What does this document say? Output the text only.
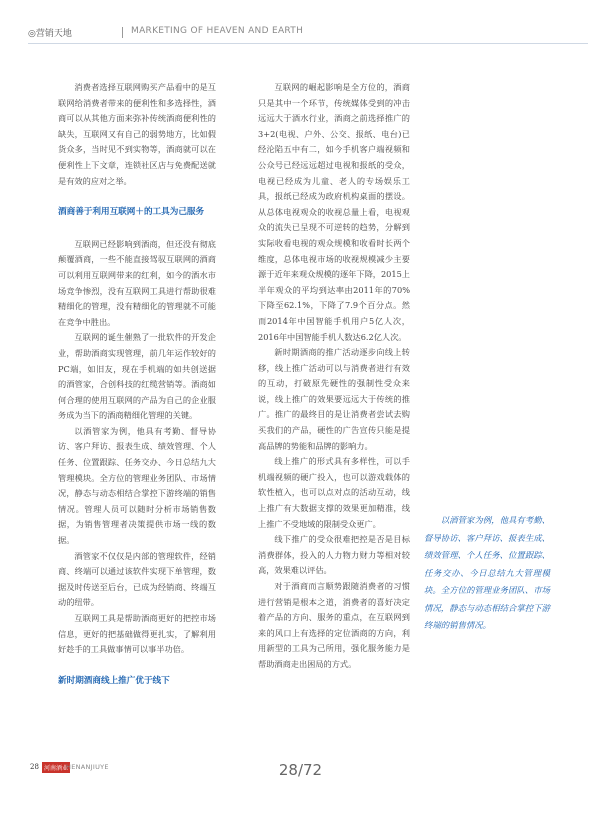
◎营销天地	MARKETING OF HEAVEN AND EARTH

消费者选择互联网购买产品看中的是互联网给消费者带来的便利性和多选择性，酒商可以从其他方面来弥补传统酒商便利性的缺失，互联网又有自己的弱势地方，比如假货众多，当时见不到实物等，酒商就可以在便利性上下文章，连锁社区店与免费配送就是有效的应对之举。

酒商善于利用互联网＋的工具为己服务

互联网已经影响到酒商，但还没有彻底颠覆酒商，一些不能直接驾驭互联网的酒商可以利用互联网带来的红利，如今的酒水市场竞争惨烈，没有互联网工具进行帮助很难精细化的管理，没有精细化的管理就不可能在竞争中胜出。

互联网的诞生催熟了一批软件的开发企业，帮助酒商实现管理，前几年运作较好的PC端，如旧友，现在手机端的如共创送据的酒管家，合创科技的红缆营销等。酒商如何合理的使用互联网的产品为自己的企业服务成为当下的酒商精细化管理的关键。

以酒管家为例，他具有考勤、督导协访、客户拜访、报表生成、绩效管理、个人任务、位置跟踪、任务交办、今日总结九大管理模块。全方位的管理业务团队、市场情况，静态与动态相结合掌控下游终端的销售情况。管理人员可以随时分析市场销售数据，为销售管理者决策提供市场一线的数据。

酒管家不仅仅是内部的管理软件，经销商、终端可以通过该软件实现下单管理，数据及时传送至后台，已成为经销商、终端互动的纽带。

互联网工具是帮助酒商更好的把控市场信息，更好的把基础做得更扎实，了解利用好趁手的工具做事情可以事半功倍。

新时期酒商线上推广优于线下

互联网的崛起影响是全方位的，酒商只是其中一个环节，传统媒体受到的冲击远远大于酒水行业，酒商之前选择推广的3+2(电视、户外、公交、报纸、电台)已经沦陷五中有二，如今手机客户端视频和公众号已经远远超过电视和报纸的受众，电视已经成为儿童、老人的专场娱乐工具，报纸已经成为政府机构桌面的摆设。从总体电视观众的收视总量上看，电视观众的流失已呈现不可逆转的趋势，分解到实际收看电视的观众规模和收看时长两个维度，总体电视市场的收视规模减少主要源于近年来观众规模的逐年下降，2015上半年观众的平均到达率由2011年的70%下降至62.1%，下降了7.9个百分点。然而2014年中国智能手机用户5亿人次，2016年中国智能手机人数达6.2亿人次。

新时期酒商的推广活动逐步向线上转移，线上推广活动可以与消费者进行有效的互动，打破原先硬性的强制性受众来说，线上推广的效果要远远大于传统的推广。推广的最终目的是让消费者尝试去购买我们的产品，硬性的广告宣传只能是提高品牌的势能和品牌的影响力。

线上推广的形式具有多样性，可以手机端视频的硬广投入，也可以游戏载体的软性植入，也可以点对点的活动互动，线上推广有大数据支撑的效果更加精准，线上推广不受地域的限制受众更广。

线下推广的受众很难把控是否是目标消费群体，投入的人力物力财力等相对较高，效果难以评估。

对于酒商而言顺势跟随消费者的习惯进行营销是根本之道，消费者的喜好决定着产品的方向、服务的重点，在互联网到来的风口上有选择的定位酒商的方向，利用新型的工具为己所用，强化服务能力是帮助酒商走出困局的方式。

以酒管家为例，他具有考勤、督导协访、客户拜访、报表生成、绩效管理、个人任务、位置跟踪、任务交办、今日总结九大管理模块。全方位的管理业务团队、市场情况，静态与动态相结合掌控下游终端的销售情况。

28 河南酒业
HENANJIUYE	28/72
